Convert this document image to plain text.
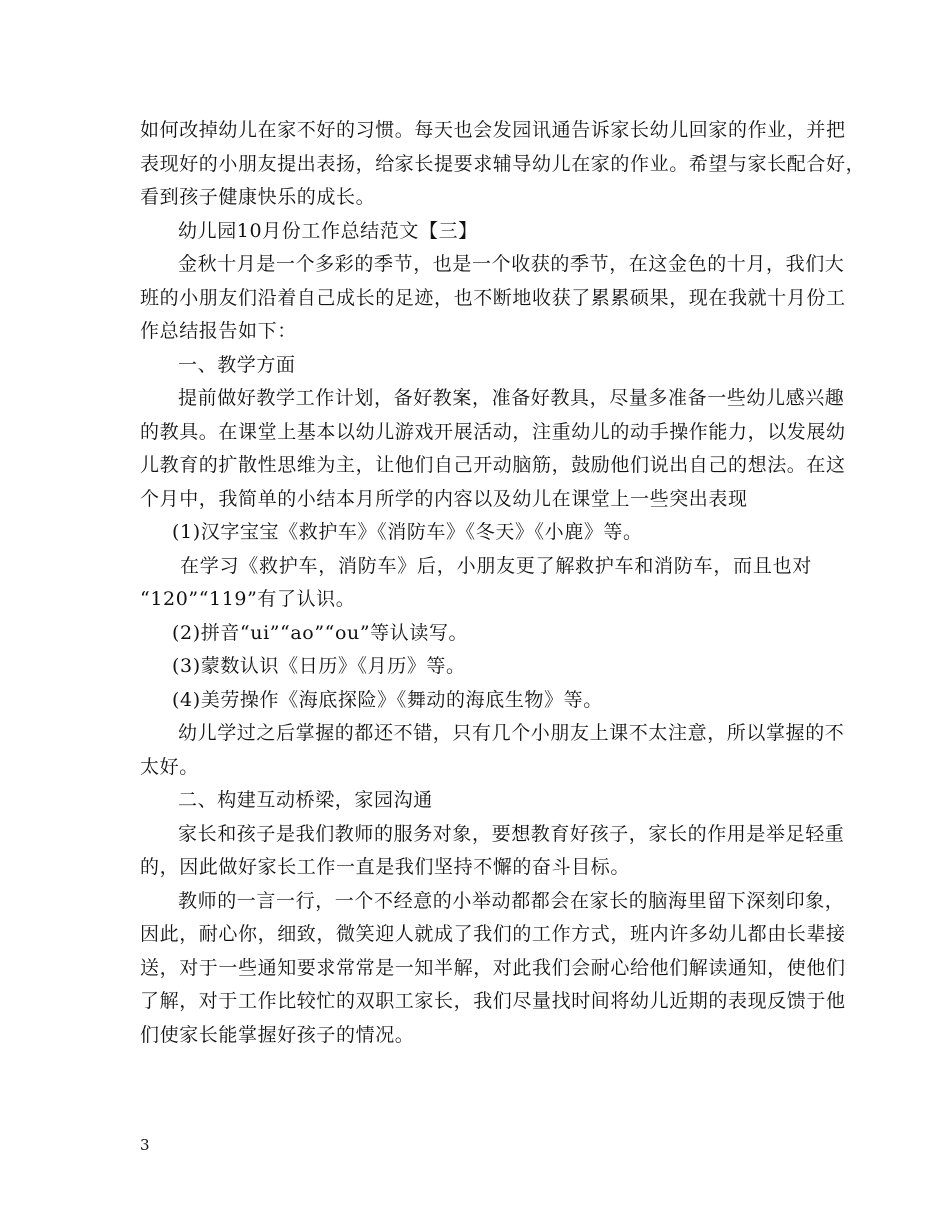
如何改掉幼儿在家不好的习惯。每天也会发园讯通告诉家长幼儿回家的作业，并把
表现好的小朋友提出表扬，给家长提要求辅导幼儿在家的作业。希望与家长配合好，
看到孩子健康快乐的成长。
幼儿园10月份工作总结范文【三】
金秋十月是一个多彩的季节，也是一个收获的季节，在这金色的十月，我们大
班的小朋友们沿着自己成长的足迹，也不断地收获了累累硕果，现在我就十月份工
作总结报告如下：
一、教学方面
提前做好教学工作计划，备好教案，准备好教具，尽量多准备一些幼儿感兴趣
的教具。在课堂上基本以幼儿游戏开展活动，注重幼儿的动手操作能力，以发展幼
儿教育的扩散性思维为主，让他们自己开动脑筋，鼓励他们说出自己的想法。在这
个月中，我简单的小结本月所学的内容以及幼儿在课堂上一些突出表现
(1)汉字宝宝《救护车》《消防车》《冬天》《小鹿》等。
在学习《救护车，消防车》后，小朋友更了解救护车和消防车，而且也对
“120”“119”有了认识。
(2)拼音“ui”“ao”“ou”等认读写。
(3)蒙数认识《日历》《月历》等。
(4)美劳操作《海底探险》《舞动的海底生物》等。
幼儿学过之后掌握的都还不错，只有几个小朋友上课不太注意，所以掌握的不
太好。
二、构建互动桥梁，家园沟通
家长和孩子是我们教师的服务对象，要想教育好孩子，家长的作用是举足轻重
的，因此做好家长工作一直是我们坚持不懈的奋斗目标。
教师的一言一行，一个不经意的小举动都都会在家长的脑海里留下深刻印象，
因此，耐心你，细致，微笑迎人就成了我们的工作方式，班内许多幼儿都由长辈接
送，对于一些通知要求常常是一知半解，对此我们会耐心给他们解读通知，使他们
了解，对于工作比较忙的双职工家长，我们尽量找时间将幼儿近期的表现反馈于他
们使家长能掌握好孩子的情况。
3
